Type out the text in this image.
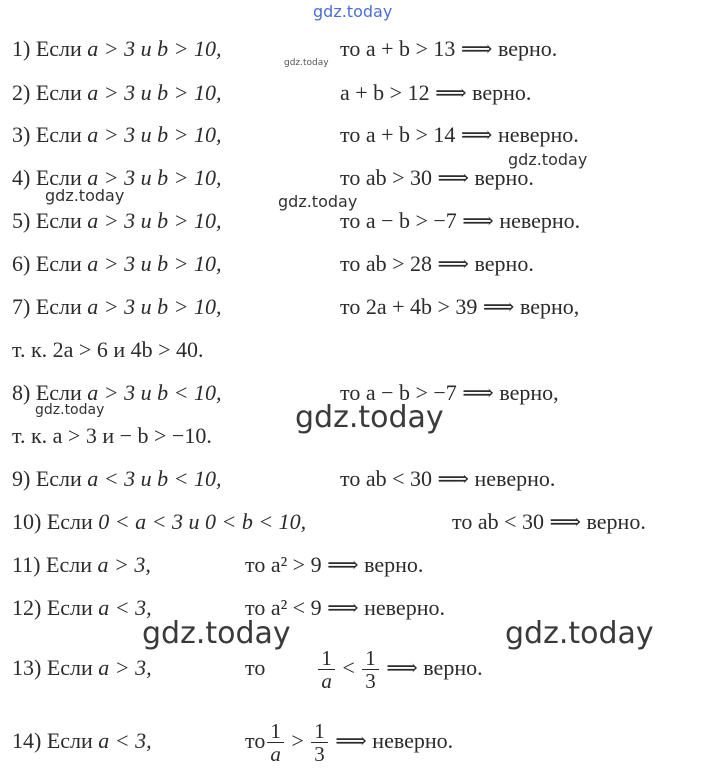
gdz.today
gdz.today
gdz.today
gdz.today	gdz.today
gdz.today	gdz.today
gdz.today	gdz.today
1) Если a > 3 и b > 10,	то a + b > 13 ⟹ верно.
2) Если a > 3 и b > 10,	a + b > 12 ⟹ верно.
3) Если a > 3 и b > 10,	то a + b > 14 ⟹ неверно.
4) Если a > 3 и b > 10,	то ab > 30 ⟹ верно.
5) Если a > 3 и b > 10,	то a − b > −7 ⟹ неверно.
6) Если a > 3 и b > 10,	то ab > 28 ⟹ верно.
7) Если a > 3 и b > 10,	то 2a + 4b > 39 ⟹ верно,
т. к. 2a > 6 и 4b > 40.
8) Если a > 3 и b < 10,	то a − b > −7 ⟹ верно,
т. к. a > 3 и − b > −10.
9) Если a < 3 и b < 10,	то ab < 30 ⟹ неверно.
10) Если 0 < a < 3 и 0 < b < 10,	то ab < 30 ⟹ верно.
11) Если a > 3,	то a² > 9 ⟹ верно.
12) Если a < 3,	то a² < 9 ⟹ неверно.
13) Если a > 3,	то	$\frac{1}{a} < \frac{1}{3}$ ⟹ верно.
14) Если a < 3,	то $\frac{1}{a} > \frac{1}{3}$ ⟹ неверно.
